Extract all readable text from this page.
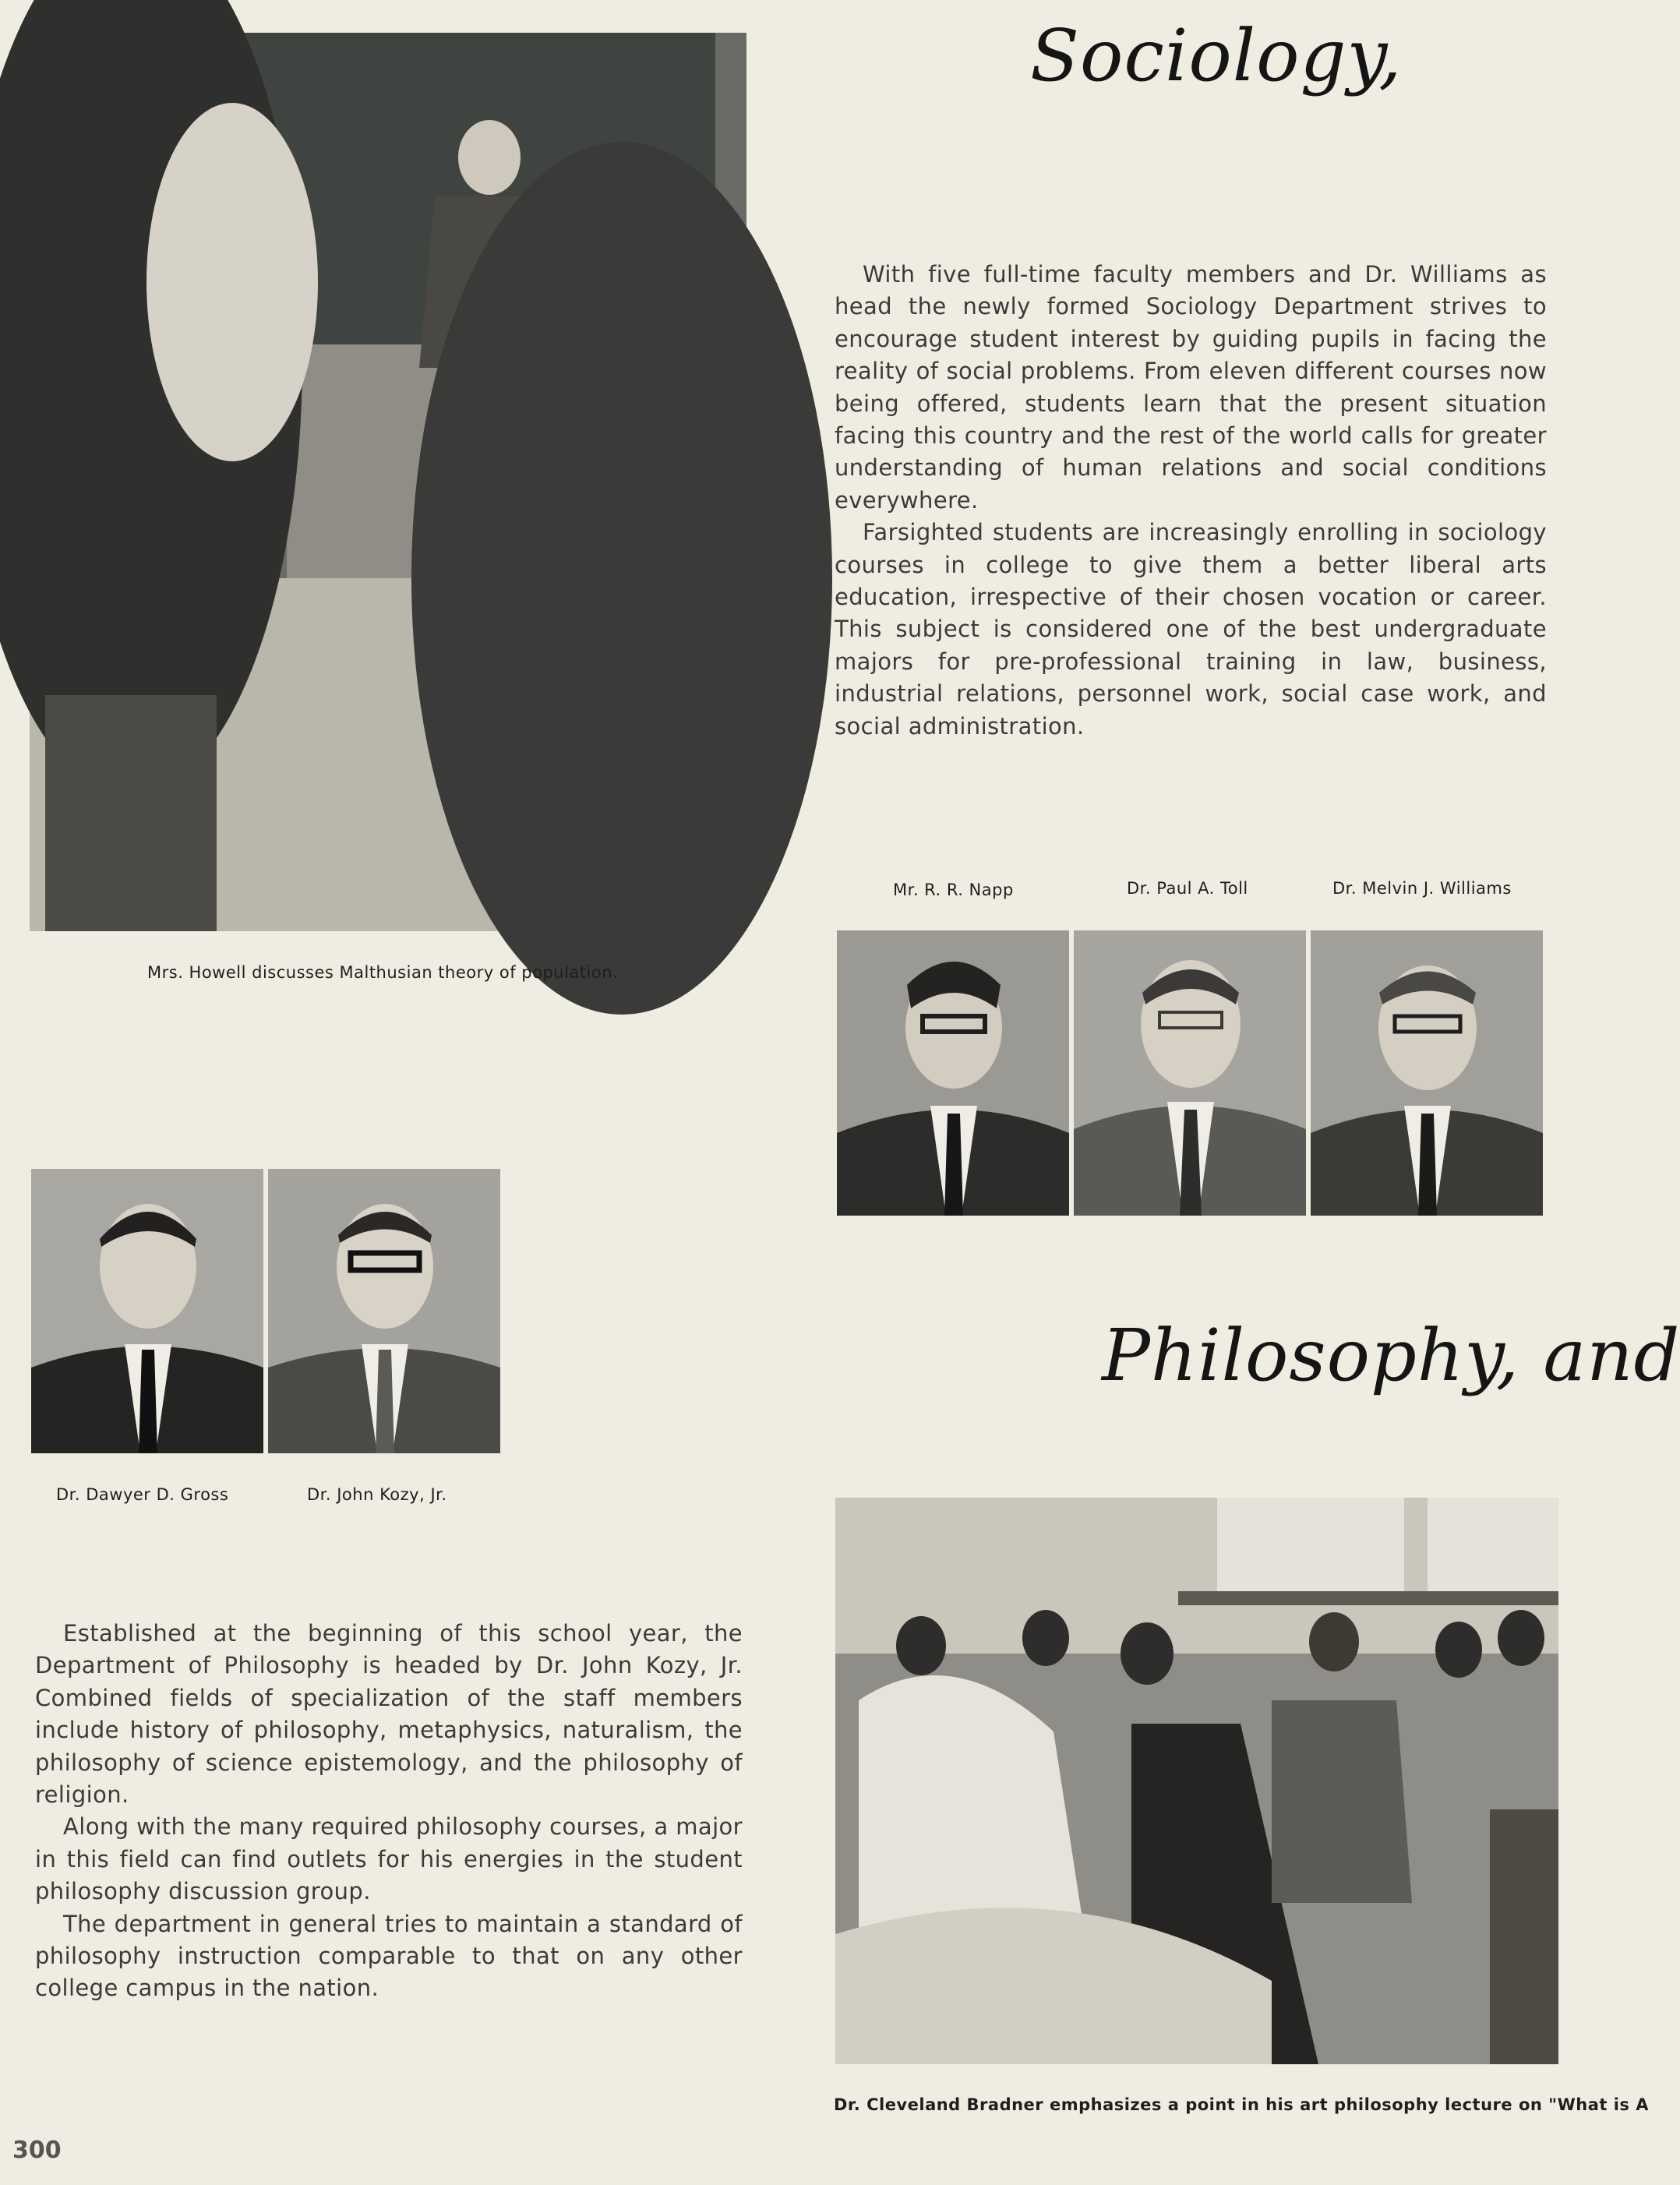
Mrs. Howell discusses Malthusian theory of population.
Sociology,

With five full-time faculty members and Dr. Williams as head the newly formed Sociology Department strives to encourage student interest by guiding pupils in facing the reality of social problems. From eleven different courses now being offered, students learn that the present situation facing this country and the rest of the world calls for greater understanding of human relations and social conditions everywhere.

Farsighted students are increasingly enrolling in sociology courses in college to give them a better liberal arts education, irrespective of their chosen vocation or career. This subject is considered one of the best undergraduate majors for pre-professional training in law, business, industrial relations, personnel work, social case work, and social administration.

Mr. R. R. Napp	Dr. Paul A. Toll	Dr. Melvin J. Williams
Dr. Dawyer D. Gross	Dr. John Kozy, Jr.
Philosophy, and

Established at the beginning of this school year, the Department of Philosophy is headed by Dr. John Kozy, Jr. Combined fields of specialization of the staff members include history of philosophy, metaphysics, naturalism, the philosophy of science epistemology, and the philosophy of religion.

Along with the many required philosophy courses, a major in this field can find outlets for his energies in the student philosophy discussion group.

The department in general tries to maintain a standard of philosophy instruction comparable to that on any other college campus in the nation.

Dr. Cleveland Bradner emphasizes a point in his art philosophy lecture on "What is A
300
